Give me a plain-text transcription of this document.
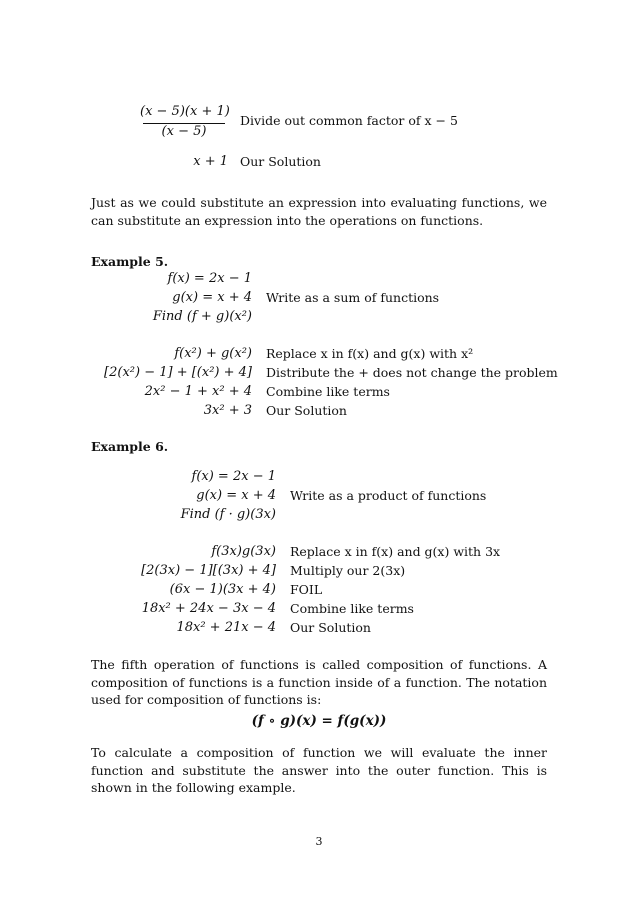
(x − 5)(x + 1)
(x − 5)
Divide out common factor of x − 5
x + 1 Our Solution
Just as we could substitute an expression into evaluating functions, we can substitute an expression into the operations on functions.
Example 5.
f(x) = 2x − 1
g(x) = x + 4 Write as a sum of functions
Find (f + g)(x²)
f(x²) + g(x²) Replace x in f(x) and g(x) with x²
[2(x²) − 1] + [(x²) + 4] Distribute the + does not change the problem
2x² − 1 + x² + 4 Combine like terms
3x² + 3 Our Solution
Example 6.
f(x) = 2x − 1
g(x) = x + 4 Write as a product of functions
Find (f · g)(3x)
f(3x)g(3x) Replace x in f(x) and g(x) with 3x
[2(3x) − 1][(3x) + 4] Multiply our 2(3x)
(6x − 1)(3x + 4) FOIL
18x² + 24x − 3x − 4 Combine like terms
18x² + 21x − 4 Our Solution
The fifth operation of functions is called composition of functions. A composition of functions is a function inside of a function. The notation used for composition of functions is:
(f ∘ g)(x) = f(g(x))
To calculate a composition of function we will evaluate the inner function and substitute the answer into the outer function. This is shown in the following example.
3
